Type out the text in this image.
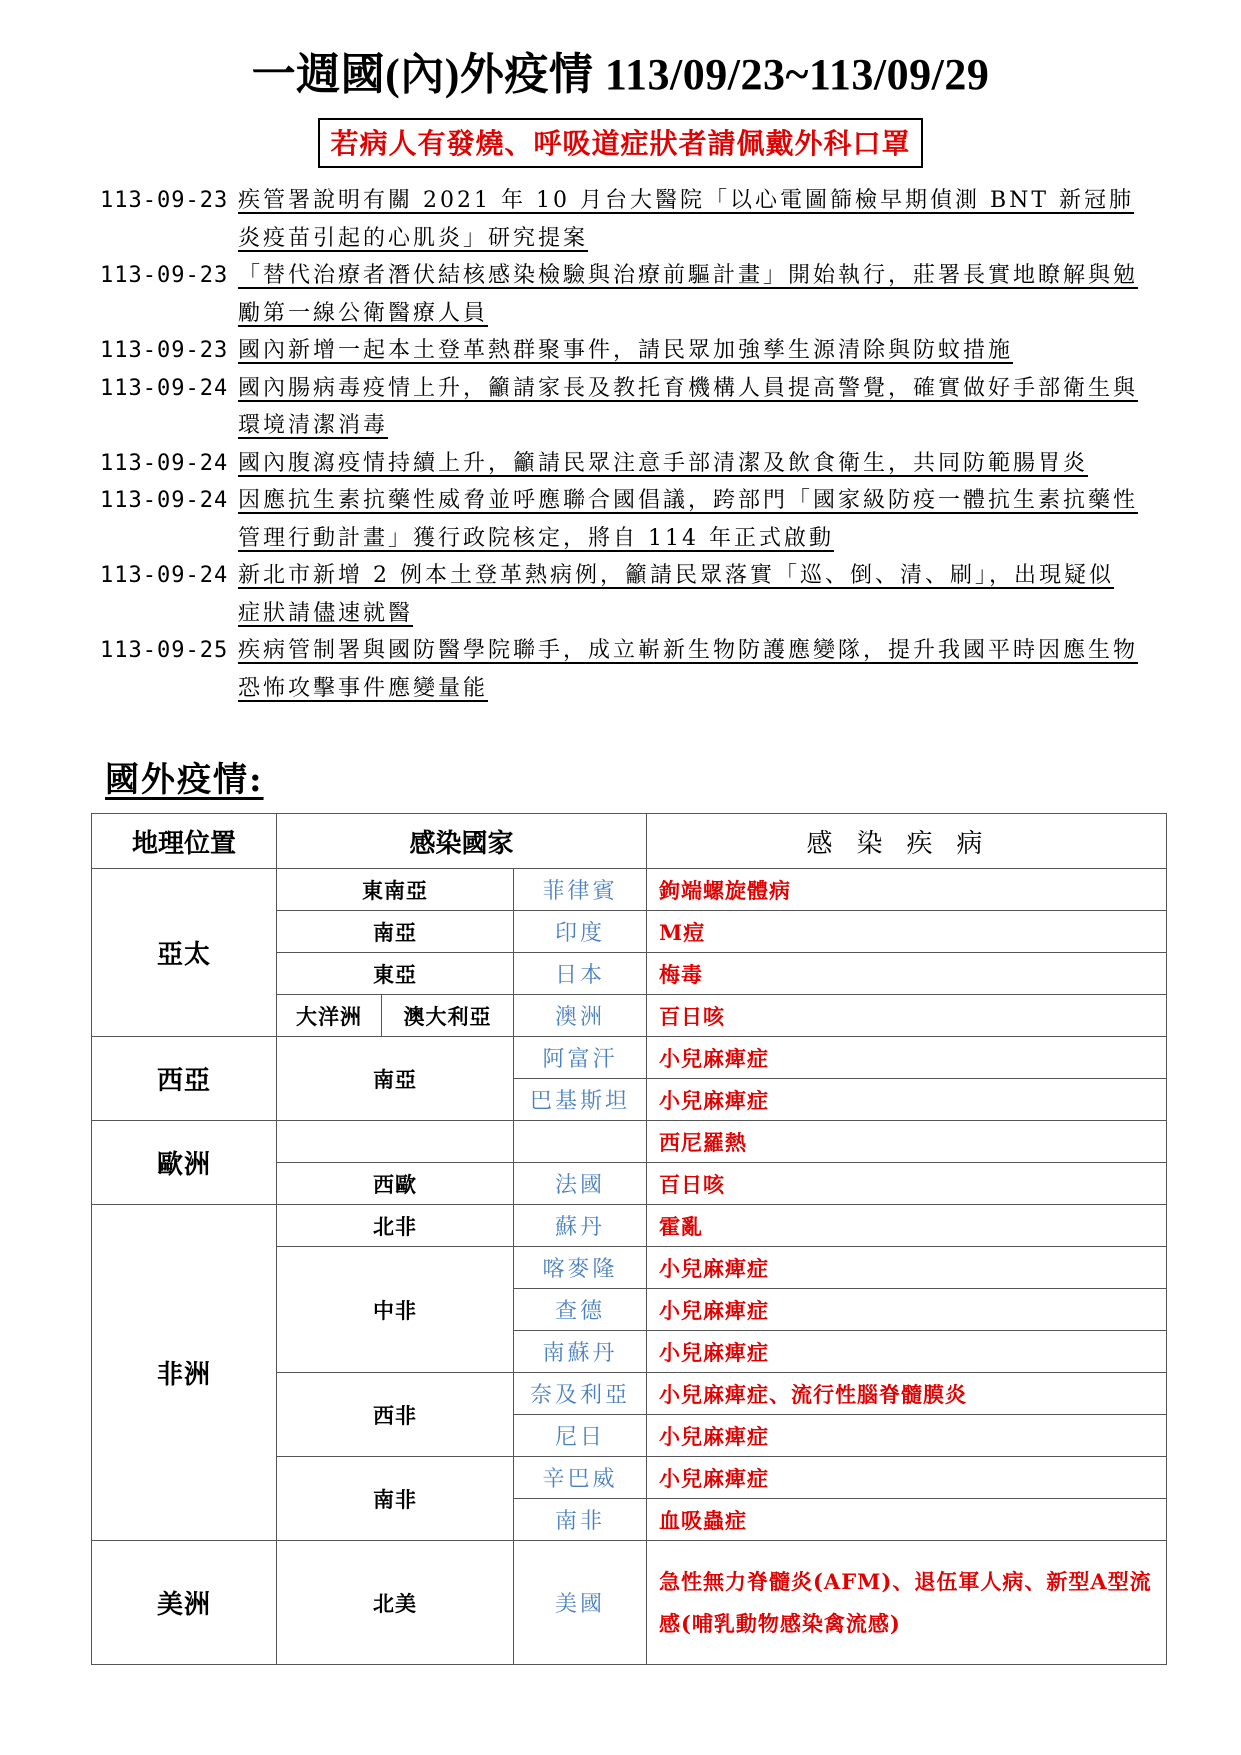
一週國(內)外疫情 113/09/23~113/09/29
若病人有發燒、呼吸道症狀者請佩戴外科口罩
113-09-23 疾管署說明有關 2021 年 10 月台大醫院「以心電圖篩檢早期偵測 BNT 新冠肺炎疫苗引起的心肌炎」研究提案
113-09-23 「替代治療者潛伏結核感染檢驗與治療前驅計畫」開始執行，莊署長實地瞭解與勉勵第一線公衛醫療人員
113-09-23 國內新增一起本土登革熱群聚事件，請民眾加強孳生源清除與防蚊措施
113-09-24 國內腸病毒疫情上升，籲請家長及教托育機構人員提高警覺，確實做好手部衛生與環境清潔消毒
113-09-24 國內腹瀉疫情持續上升，籲請民眾注意手部清潔及飲食衛生，共同防範腸胃炎
113-09-24 因應抗生素抗藥性威脅並呼應聯合國倡議，跨部門「國家級防疫一體抗生素抗藥性管理行動計畫」獲行政院核定，將自 114 年正式啟動
113-09-24 新北市新增 2 例本土登革熱病例，籲請民眾落實「巡、倒、清、刷」，出現疑似症狀請儘速就醫
113-09-25 疾病管制署與國防醫學院聯手，成立嶄新生物防護應變隊，提升我國平時因應生物恐怖攻擊事件應變量能
國外疫情:
地理位置	感染國家			感染疾病
亞太	東南亞		菲律賓	鉤端螺旋體病
	南亞		印度	M痘
	東亞		日本	梅毒
	大洋洲	澳大利亞	澳洲	百日咳
西亞	南亞		阿富汗	小兒麻痺症
			巴基斯坦	小兒麻痺症
歐洲				西尼羅熱
	西歐		法國	百日咳
非洲	北非		蘇丹	霍亂
	中非		喀麥隆	小兒麻痺症
			查德	小兒麻痺症
			南蘇丹	小兒麻痺症
	西非		奈及利亞	小兒麻痺症、流行性腦脊髓膜炎
			尼日	小兒麻痺症
	南非		辛巴威	小兒麻痺症
			南非	血吸蟲症
美洲	北美		美國	急性無力脊髓炎(AFM)、退伍軍人病、新型A型流感(哺乳動物感染禽流感)
